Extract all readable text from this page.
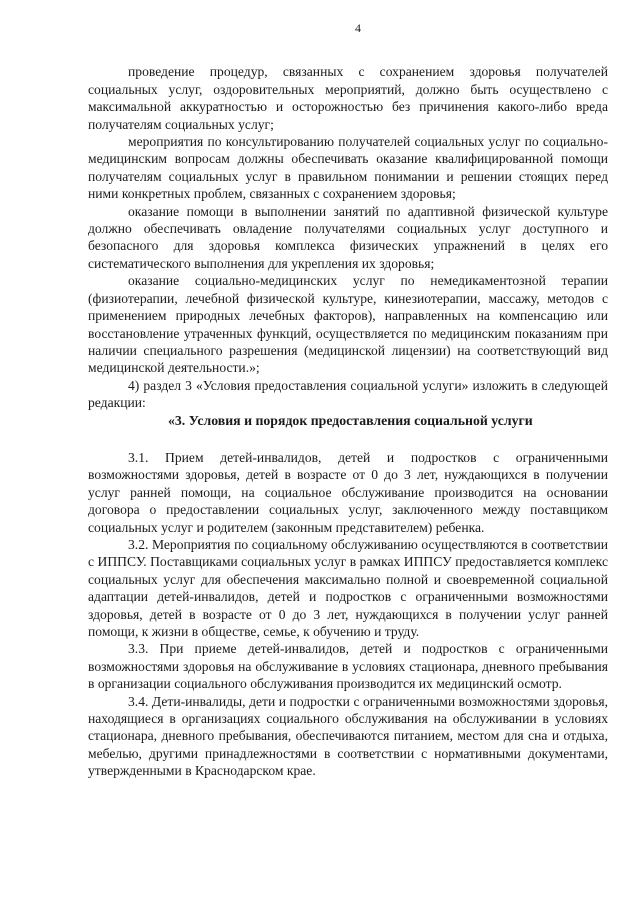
4

проведение процедур, связанных с сохранением здоровья получателей социальных услуг, оздоровительных мероприятий, должно быть осуществлено с максимальной аккуратностью и осторожностью без причинения какого-либо вреда получателям социальных услуг;

мероприятия по консультированию получателей социальных услуг по социально-медицинским вопросам должны обеспечивать оказание квалифицированной помощи получателям социальных услуг в правильном понимании и решении стоящих перед ними конкретных проблем, связанных с сохранением здоровья;

оказание помощи в выполнении занятий по адаптивной физической культуре должно обеспечивать овладение получателями социальных услуг доступного и безопасного для здоровья комплекса физических упражнений в целях его систематического выполнения для укрепления их здоровья;

оказание социально-медицинских услуг по немедикаментозной терапии (физиотерапии, лечебной физической культуре, кинезиотерапии, массажу, методов с применением природных лечебных факторов), направленных на компенсацию или восстановление утраченных функций, осуществляется по медицинским показаниям при наличии специального разрешения (медицинской лицензии) на соответствующий вид медицинской деятельности.»;

4) раздел 3 «Условия предоставления социальной услуги» изложить в следующей редакции:

«3. Условия и порядок предоставления социальной услуги

3.1. Прием детей-инвалидов, детей и подростков с ограниченными возможностями здоровья, детей в возрасте от 0 до 3 лет, нуждающихся в получении услуг ранней помощи, на социальное обслуживание производится на основании договора о предоставлении социальных услуг, заключенного между поставщиком социальных услуг и родителем (законным представителем) ребенка.

3.2. Мероприятия по социальному обслуживанию осуществляются в соответствии с ИППСУ. Поставщиками социальных услуг в рамках ИППСУ предоставляется комплекс социальных услуг для обеспечения максимально полной и своевременной социальной адаптации детей-инвалидов, детей и подростков с ограниченными возможностями здоровья, детей в возрасте от 0 до 3 лет, нуждающихся в получении услуг ранней помощи, к жизни в обществе, семье, к обучению и труду.

3.3. При приеме детей-инвалидов, детей и подростков с ограниченными возможностями здоровья на обслуживание в условиях стационара, дневного пребывания в организации социального обслуживания производится их медицинский осмотр.

3.4. Дети-инвалиды, дети и подростки с ограниченными возможностями здоровья, находящиеся в организациях социального обслуживания на обслуживании в условиях стационара, дневного пребывания, обеспечиваются питанием, местом для сна и отдыха, мебелью, другими принадлежностями в соответствии с нормативными документами, утвержденными в Краснодарском крае.
